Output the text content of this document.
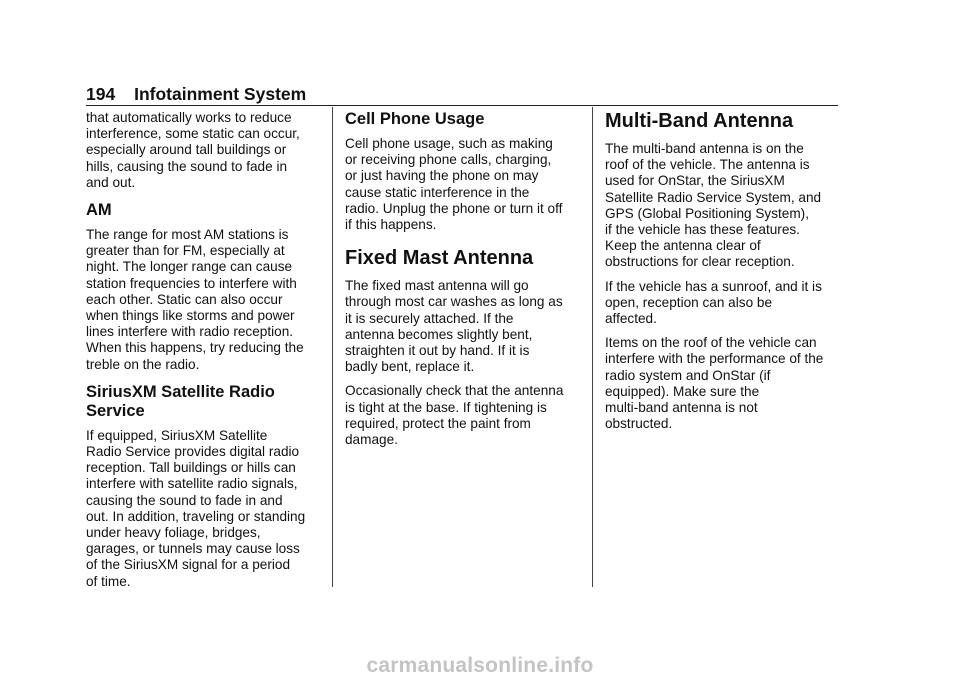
194 Infotainment System

that automatically works to reduce
interference, some static can occur,
especially around tall buildings or
hills, causing the sound to fade in
and out.

AM

The range for most AM stations is
greater than for FM, especially at
night. The longer range can cause
station frequencies to interfere with
each other. Static can also occur
when things like storms and power
lines interfere with radio reception.
When this happens, try reducing the
treble on the radio.

SiriusXM Satellite Radio
Service

If equipped, SiriusXM Satellite
Radio Service provides digital radio
reception. Tall buildings or hills can
interfere with satellite radio signals,
causing the sound to fade in and
out. In addition, traveling or standing
under heavy foliage, bridges,
garages, or tunnels may cause loss
of the SiriusXM signal for a period
of time.

Cell Phone Usage

Cell phone usage, such as making
or receiving phone calls, charging,
or just having the phone on may
cause static interference in the
radio. Unplug the phone or turn it off
if this happens.

Fixed Mast Antenna

The fixed mast antenna will go
through most car washes as long as
it is securely attached. If the
antenna becomes slightly bent,
straighten it out by hand. If it is
badly bent, replace it.

Occasionally check that the antenna
is tight at the base. If tightening is
required, protect the paint from
damage.

Multi-Band Antenna

The multi-band antenna is on the
roof of the vehicle. The antenna is
used for OnStar, the SiriusXM
Satellite Radio Service System, and
GPS (Global Positioning System),
if the vehicle has these features.
Keep the antenna clear of
obstructions for clear reception.

If the vehicle has a sunroof, and it is
open, reception can also be
affected.

Items on the roof of the vehicle can
interfere with the performance of the
radio system and OnStar (if
equipped). Make sure the
multi-band antenna is not
obstructed.

carmanualsonline.info
